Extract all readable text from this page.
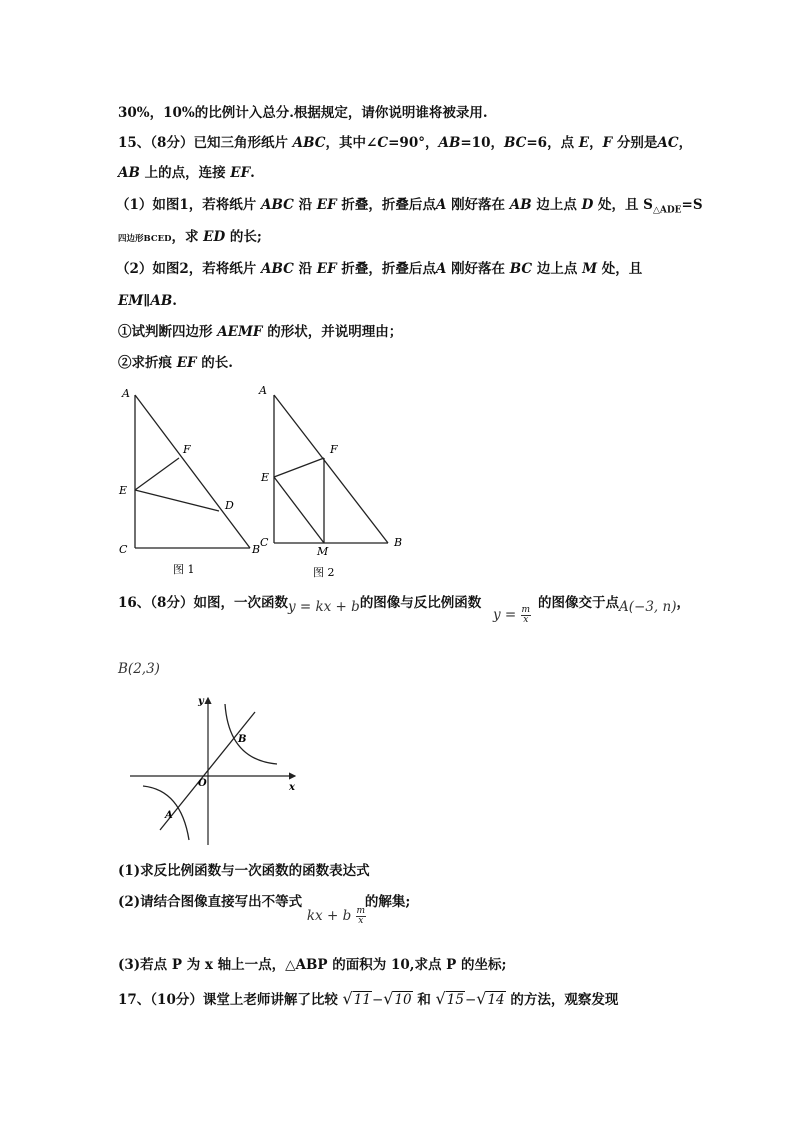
30%，10%的比例计入总分.根据规定，请你说明谁将被录用.
15、（8分）已知三角形纸片 ABC，其中∠C=90°，AB=10，BC=6，点 E，F 分别是AC，
AB 上的点，连接 EF.
（1）如图1，若将纸片 ABC 沿 EF 折叠，折叠后点A 刚好落在 AB 边上点 D 处，且 $S_{\triangle ADE}=S$
四边形BCED，求 ED 的长;
（2）如图2，若将纸片 ABC 沿 EF 折叠，折叠后点A 刚好落在 BC 边上点 M 处，且
EM∥AB.
①试判断四边形 AEMF 的形状，并说明理由；
②求折痕 EF 的长.
A
F
E
D
C	B
图 1
A
F
E
C
M
B
图 2
16、（8分）如图，一次函数y = kx + b的图像与反比例函数 $y = \frac{m}{x}$
的图像交于点A(−3, n)，
B(2,3)
y
x
O
A
B
(1)求反比例函数与一次函数的函数表达式
(2)请结合图像直接写出不等式 kx + b $\frac{m}{x}$
的解集;
(3)若点 P 为 x 轴上一点，△ABP 的面积为 10,求点 P 的坐标;
17、（10分）课堂上老师讲解了比较 √11−√10 和 √15−√14 的方法，观察发现
